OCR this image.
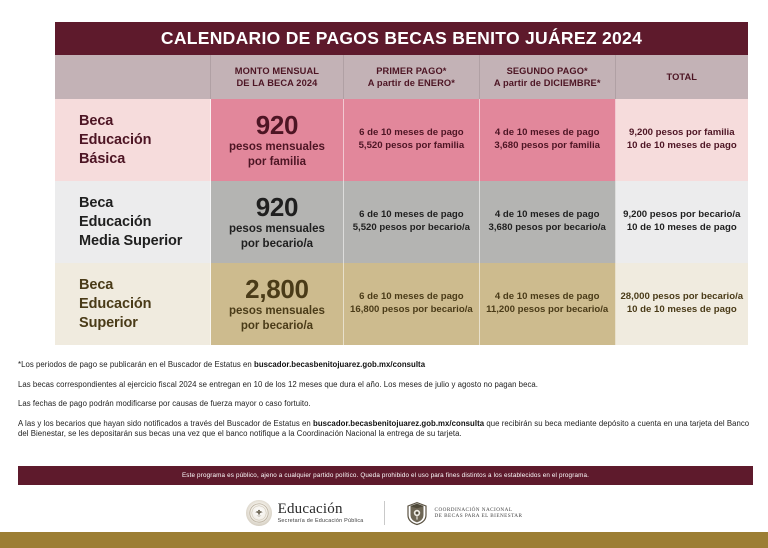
CALENDARIO DE PAGOS BECAS BENITO JUÁREZ 2024
MONTO MENSUAL
DE LA BECA 2024
PRIMER PAGO*
A partir de ENERO*
SEGUNDO PAGO*
A partir de DICIEMBRE*
TOTAL
Beca
Educación
Básica
920
pesos mensuales
por familia
6 de 10 meses de pago
5,520 pesos por familia
4 de 10 meses de pago
3,680 pesos por familia
9,200 pesos por familia
10 de 10 meses de pago
Beca
Educación
Media Superior
920
pesos mensuales
por becario/a
6 de 10 meses de pago
5,520 pesos por becario/a
4 de 10 meses de pago
3,680 pesos por becario/a
9,200 pesos por becario/a
10 de 10 meses de pago
Beca
Educación
Superior
2,800
pesos mensuales
por becario/a
6 de 10 meses de pago
16,800 pesos por becario/a
4 de 10 meses de pago
11,200 pesos por becario/a
28,000 pesos por becario/a
10 de 10 meses de pago
*Los periodos de pago se publicarán en el Buscador de Estatus en buscador.becasbenitojuarez.gob.mx/consulta
Las becas correspondientes al ejercicio fiscal 2024 se entregan en 10 de los 12 meses que dura el año. Los meses de julio y agosto no pagan beca.
Las fechas de pago podrán modificarse por causas de fuerza mayor o caso fortuito.
A las y los becarios que hayan sido notificados a través del Buscador de Estatus en buscador.becasbenitojuarez.gob.mx/consulta que recibirán su beca mediante depósito a cuenta en una tarjeta del Banco del Bienestar, se les depositarán sus becas una vez que el banco notifique a la Coordinación Nacional la entrega de su tarjeta.
Este programa es público, ajeno a cualquier partido político. Queda prohibido el uso para fines distintos a los establecidos en el programa.
Educación
Secretaría de Educación Pública
COORDINACIÓN NACIONAL
DE BECAS PARA EL BIENESTAR
